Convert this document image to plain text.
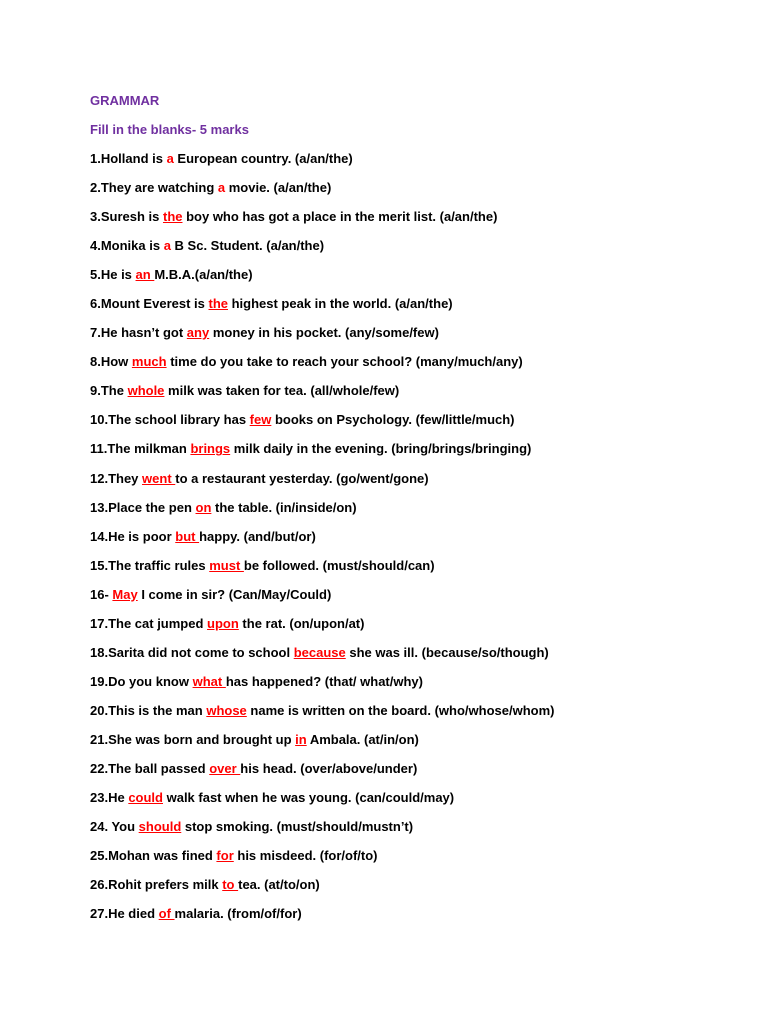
GRAMMAR
Fill in the blanks- 5 marks
1.Holland is a European country. (a/an/the)
2.They are watching a movie. (a/an/the)
3.Suresh is the boy who has got a place in the merit list. (a/an/the)
4.Monika is a B Sc. Student. (a/an/the)
5.He is an M.B.A.(a/an/the)
6.Mount Everest is the highest peak in the world. (a/an/the)
7.He hasn’t got any money in his pocket. (any/some/few)
8.How much time do you take to reach your school? (many/much/any)
9.The whole milk was taken for tea. (all/whole/few)
10.The school library has few books on Psychology. (few/little/much)
11.The milkman brings milk daily in the evening. (bring/brings/bringing)
12.They went to a restaurant yesterday. (go/went/gone)
13.Place the pen on the table. (in/inside/on)
14.He is poor but happy. (and/but/or)
15.The traffic rules must be followed. (must/should/can)
16- May I come in sir? (Can/May/Could)
17.The cat jumped upon the rat. (on/upon/at)
18.Sarita did not come to school because she was ill. (because/so/though)
19.Do you know what has happened? (that/ what/why)
20.This is the man whose name is written on the board. (who/whose/whom)
21.She was born and brought up in Ambala. (at/in/on)
22.The ball passed over his head. (over/above/under)
23.He could walk fast when he was young. (can/could/may)
24. You should stop smoking. (must/should/mustn’t)
25.Mohan was fined for his misdeed. (for/of/to)
26.Rohit prefers milk to tea. (at/to/on)
27.He died of malaria. (from/of/for)
